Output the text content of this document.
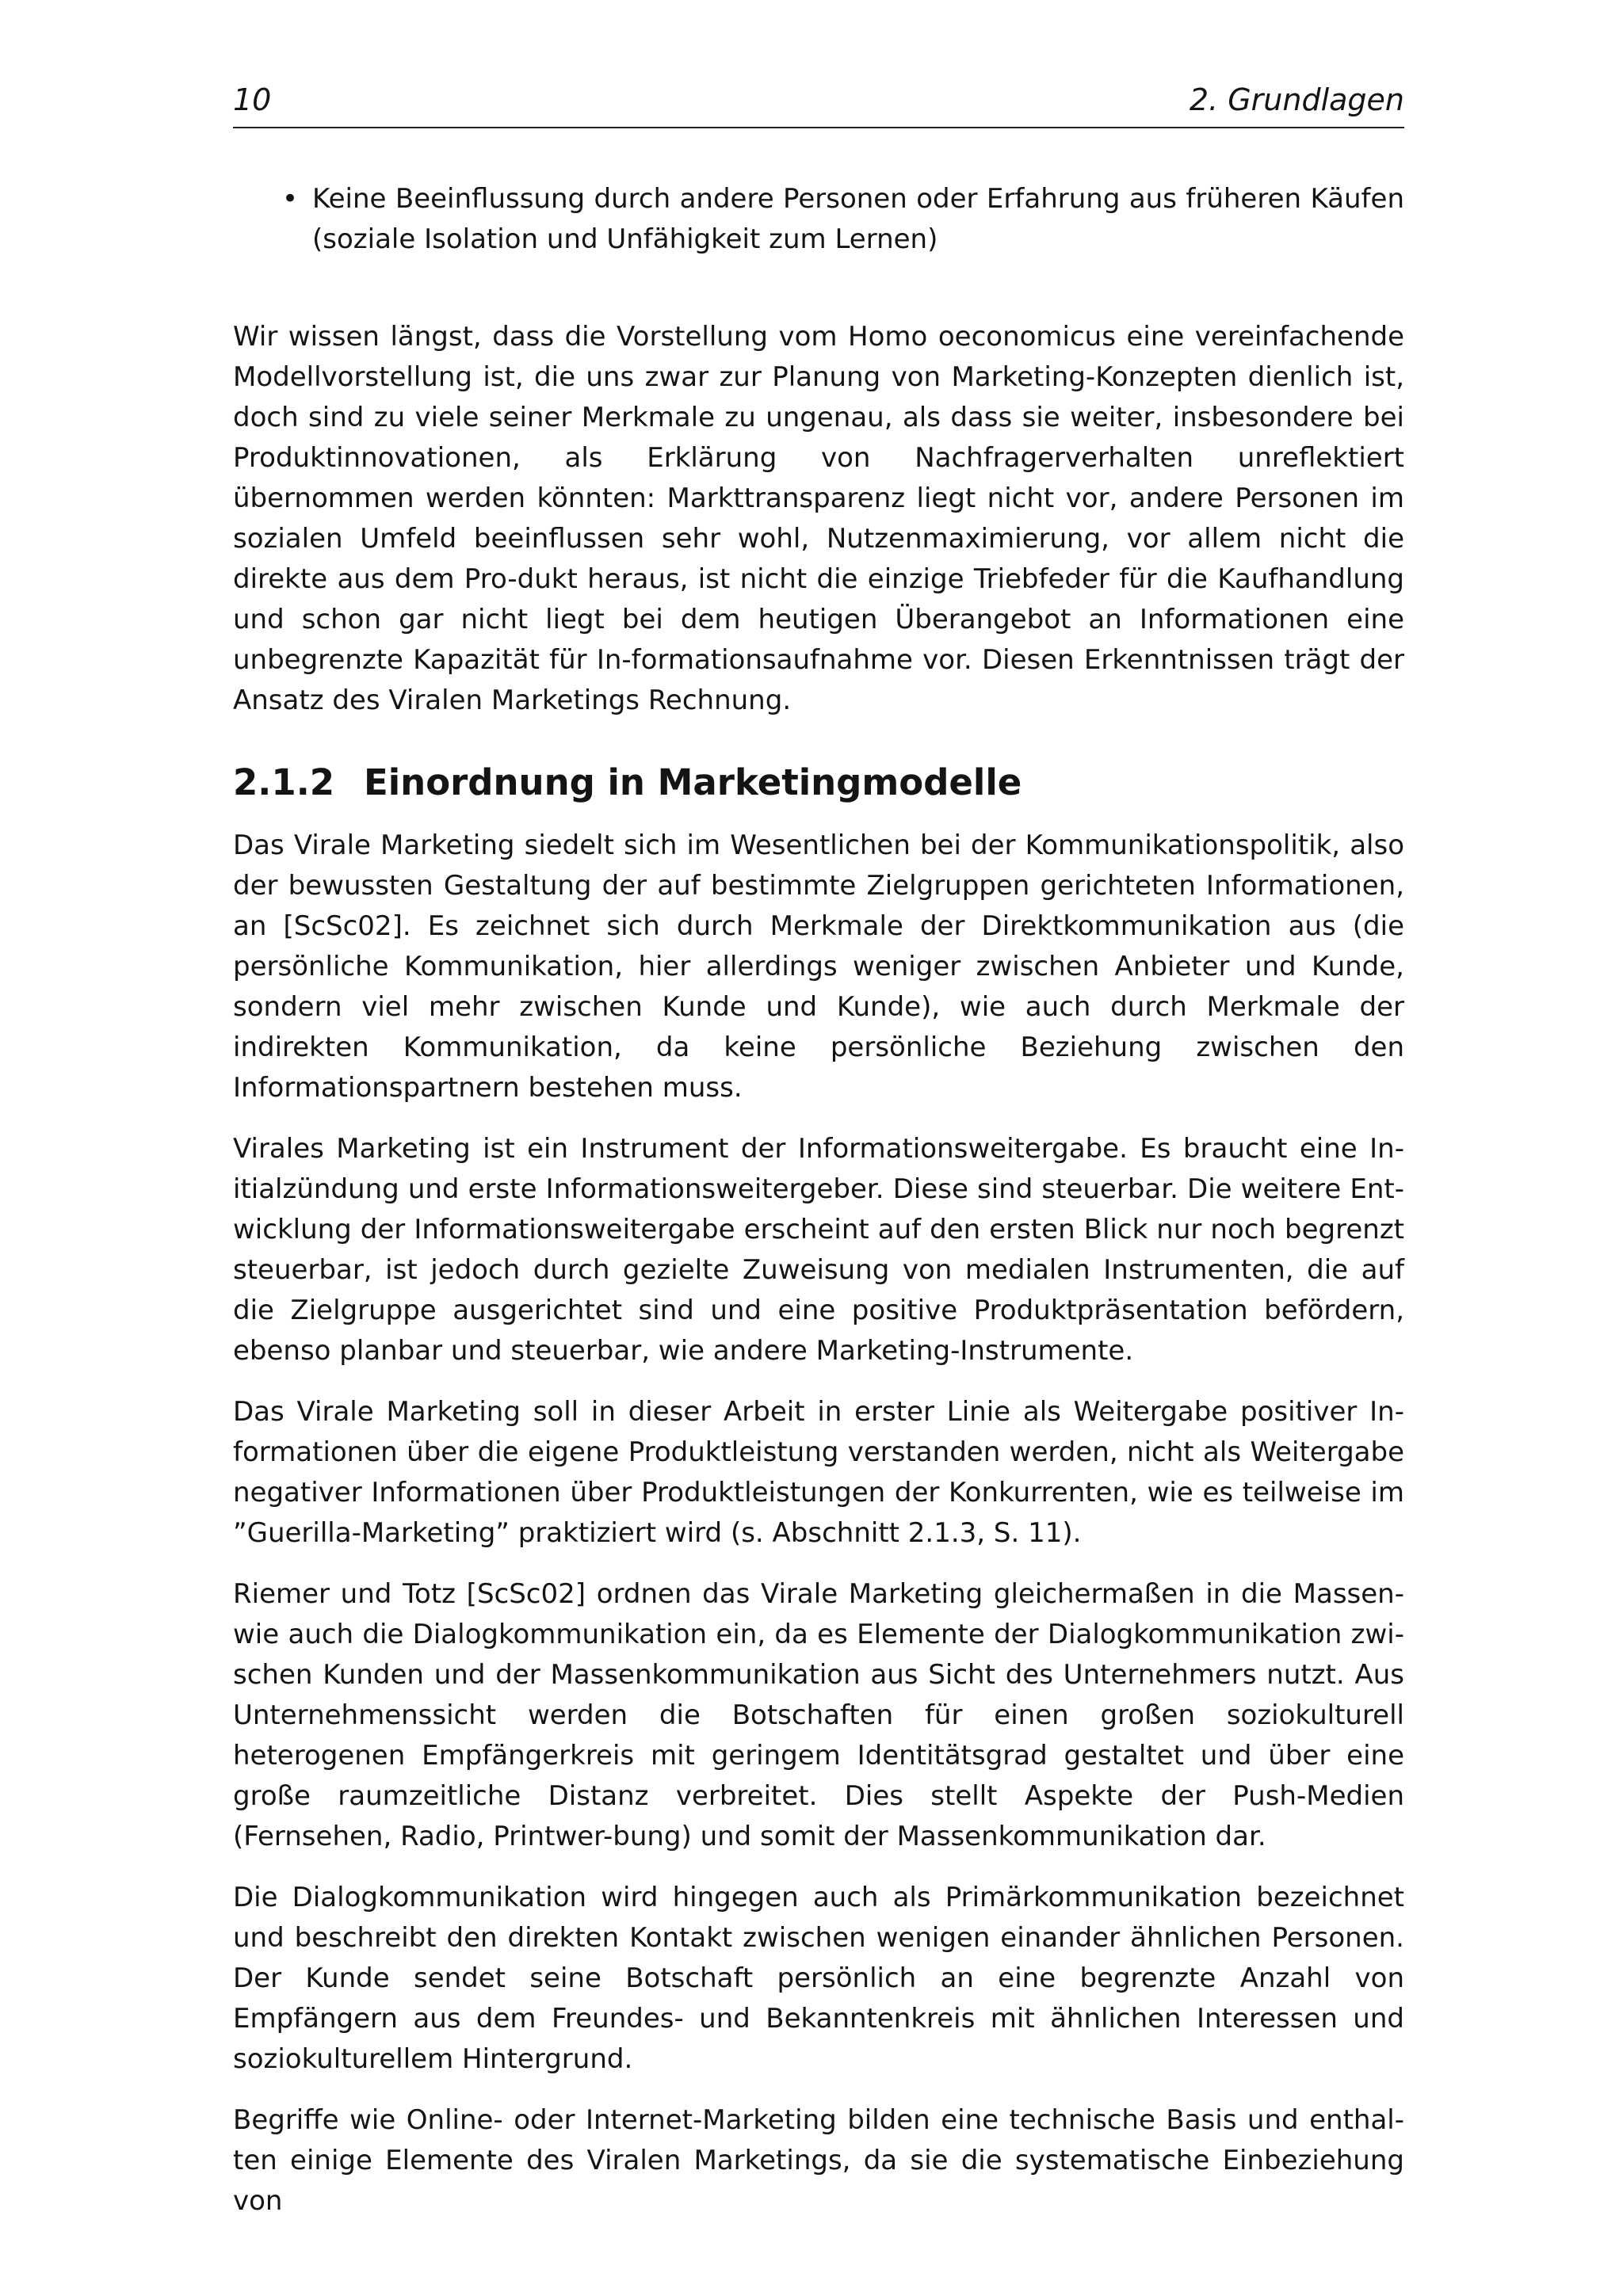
10	2. Grundlagen
• Keine Beeinflussung durch andere Personen oder Erfahrung aus früheren Käufen (soziale Isolation und Unfähigkeit zum Lernen)

Wir wissen längst, dass die Vorstellung vom Homo oeconomicus eine vereinfachende Modellvorstellung ist, die uns zwar zur Planung von Marketing-Konzepten dienlich ist, doch sind zu viele seiner Merkmale zu ungenau, als dass sie weiter, insbesondere bei Produktinnovationen, als Erklärung von Nachfragerverhalten unreflektiert übernommen werden könnten: Markttransparenz liegt nicht vor, andere Personen im sozialen Umfeld beeinflussen sehr wohl, Nutzenmaximierung, vor allem nicht die direkte aus dem Pro-dukt heraus, ist nicht die einzige Triebfeder für die Kaufhandlung und schon gar nicht liegt bei dem heutigen Überangebot an Informationen eine unbegrenzte Kapazität für In-formationsaufnahme vor. Diesen Erkenntnissen trägt der Ansatz des Viralen Marketings Rechnung.

2.1.2 Einordnung in Marketingmodelle

Das Virale Marketing siedelt sich im Wesentlichen bei der Kommunikationspolitik, also der bewussten Gestaltung der auf bestimmte Zielgruppen gerichteten Informationen, an [ScSc02]. Es zeichnet sich durch Merkmale der Direktkommunikation aus (die persönliche Kommunikation, hier allerdings weniger zwischen Anbieter und Kunde, sondern viel mehr zwischen Kunde und Kunde), wie auch durch Merkmale der indirekten Kommunikation, da keine persönliche Beziehung zwischen den Informationspartnern bestehen muss.

Virales Marketing ist ein Instrument der Informationsweitergabe. Es braucht eine In-itialzündung und erste Informationsweitergeber. Diese sind steuerbar. Die weitere Ent-wicklung der Informationsweitergabe erscheint auf den ersten Blick nur noch begrenzt steuerbar, ist jedoch durch gezielte Zuweisung von medialen Instrumenten, die auf die Zielgruppe ausgerichtet sind und eine positive Produktpräsentation befördern, ebenso planbar und steuerbar, wie andere Marketing-Instrumente.

Das Virale Marketing soll in dieser Arbeit in erster Linie als Weitergabe positiver In-formationen über die eigene Produktleistung verstanden werden, nicht als Weitergabe negativer Informationen über Produktleistungen der Konkurrenten, wie es teilweise im ”Guerilla-Marketing” praktiziert wird (s. Abschnitt 2.1.3, S. 11).

Riemer und Totz [ScSc02] ordnen das Virale Marketing gleichermaßen in die Massen-wie auch die Dialogkommunikation ein, da es Elemente der Dialogkommunikation zwi-schen Kunden und der Massenkommunikation aus Sicht des Unternehmers nutzt. Aus Unternehmenssicht werden die Botschaften für einen großen soziokulturell heterogenen Empfängerkreis mit geringem Identitätsgrad gestaltet und über eine große raumzeitliche Distanz verbreitet. Dies stellt Aspekte der Push-Medien (Fernsehen, Radio, Printwer-bung) und somit der Massenkommunikation dar.

Die Dialogkommunikation wird hingegen auch als Primärkommunikation bezeichnet und beschreibt den direkten Kontakt zwischen wenigen einander ähnlichen Personen. Der Kunde sendet seine Botschaft persönlich an eine begrenzte Anzahl von Empfängern aus dem Freundes- und Bekanntenkreis mit ähnlichen Interessen und soziokulturellem Hintergrund.

Begriffe wie Online- oder Internet-Marketing bilden eine technische Basis und enthal-ten einige Elemente des Viralen Marketings, da sie die systematische Einbeziehung von
